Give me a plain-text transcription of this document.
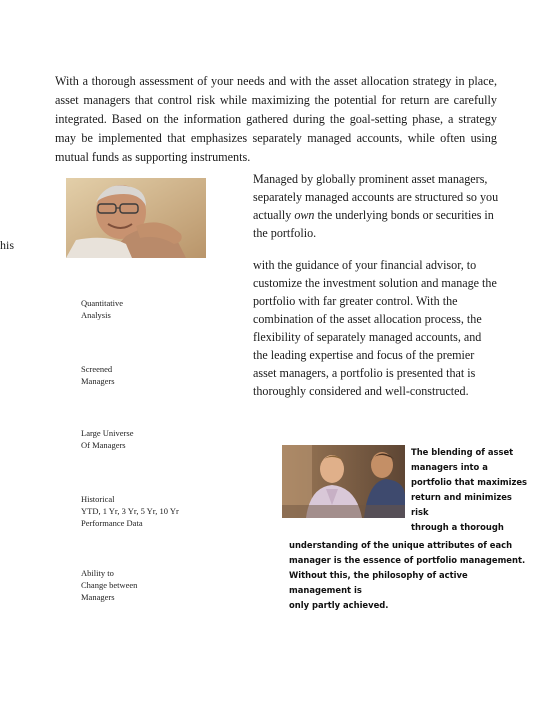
With a thorough assessment of your needs and with the asset allocation strategy in place, asset managers that control risk while maximizing the potential for return are carefully integrated. Based on the information gathered during the goal-setting phase, a strategy may be implemented that emphasizes separately managed accounts, while often using mutual funds as supporting instruments.
his
Quantitative
Analysis
Screened
Managers
Large Universe
Of Managers
Historical
YTD, 1 Yr, 3 Yr, 5 Yr, 10 Yr
Performance Data
Ability to
Change between
Managers

Managed by globally prominent asset managers, separately managed accounts are structured so you actually own the underlying bonds or securities in the portfolio.

with the guidance of your financial advisor, to customize the investment solution and manage the portfolio with far greater control. With the combination of the asset allocation process, the flexibility of separately managed accounts, and the leading expertise and focus of the premier asset managers, a portfolio is presented that is thoroughly considered and well-constructed.
The blending of asset
managers into a
portfolio that maximizes
return and minimizes risk
through a thorough
understanding of the unique attributes of each
manager is the essence of portfolio management.
Without this, the philosophy of active management is
only partly achieved.
